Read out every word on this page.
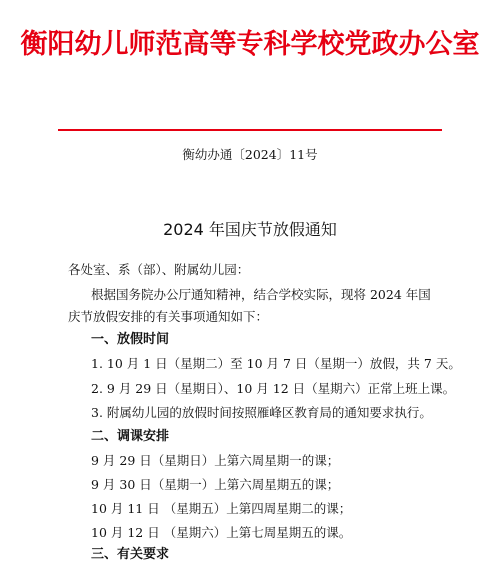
衡阳幼儿师范高等专科学校党政办公室
衡幼办通〔2024〕11号
2024 年国庆节放假通知
各处室、系（部）、附属幼儿园：
根据国务院办公厅通知精神，结合学校实际，现将 2024 年国
庆节放假安排的有关事项通知如下：
一、放假时间
1. 10 月 1 日（星期二）至 10 月 7 日（星期一）放假，共 7 天。
2. 9 月 29 日（星期日）、10 月 12 日（星期六）正常上班上课。
3. 附属幼儿园的放假时间按照雁峰区教育局的通知要求执行。
二、调课安排
9 月 29 日（星期日）上第六周星期一的课；
9 月 30 日（星期一）上第六周星期五的课；
10 月 11 日 （星期五）上第四周星期二的课；
10 月 12 日 （星期六）上第七周星期五的课。
三、有关要求
